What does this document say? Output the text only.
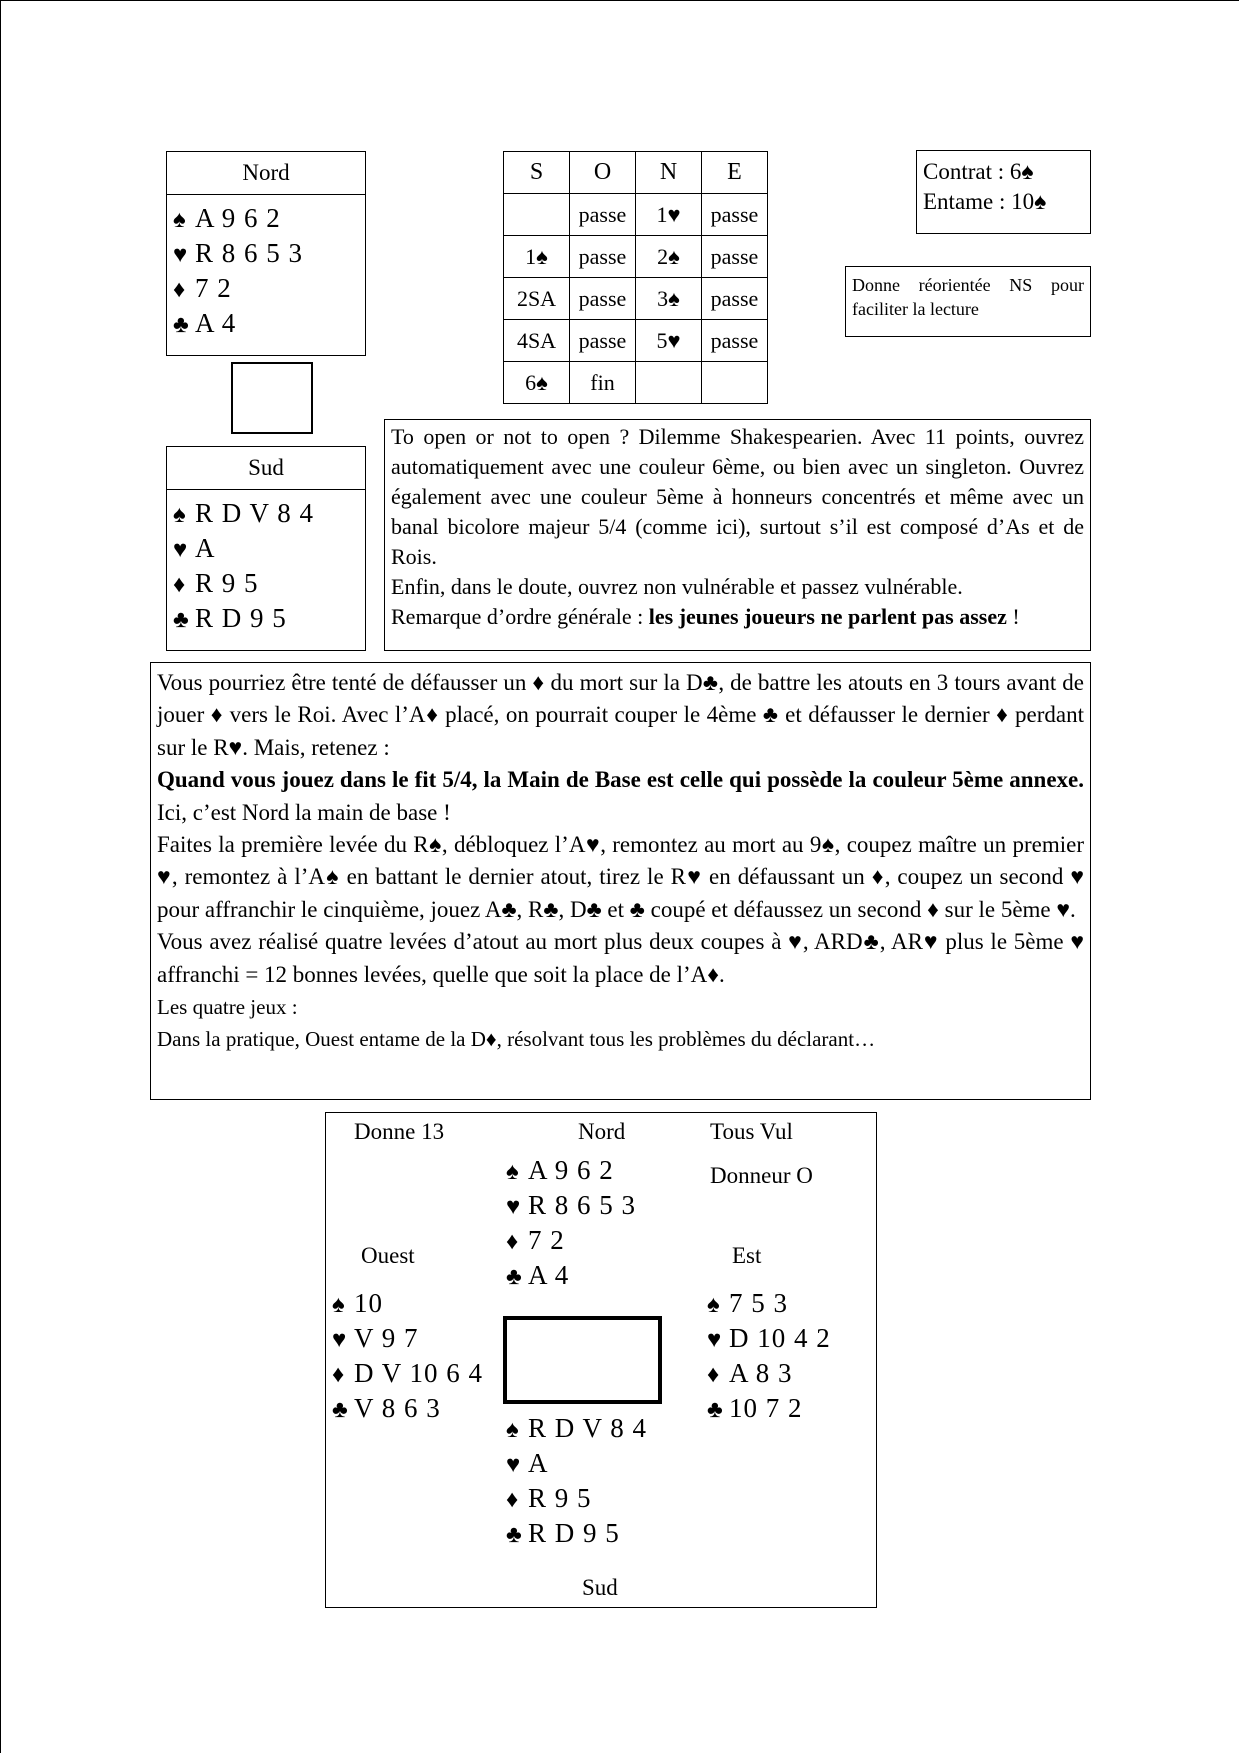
Nord
♠ A 9 6 2
♥ R 8 6 5 3
♦ 7 2
♣ A 4
Sud
♠ R D V 8 4
♥ A
♦ R 9 5
♣ R D 9 5
S	O	N	E
	passe	1♥	passe
1♠	passe	2♠	passe
2SA	passe	3♠	passe
4SA	passe	5♥	passe
6♠	fin		
Contrat : 6♠
Entame : 10♠
Donne réorientée NS pour faciliter la lecture

To open or not to open ? Dilemme Shakespearien. Avec 11 points, ouvrez automatiquement avec une couleur 6ème, ou bien avec un singleton. Ouvrez également avec une couleur 5ème à honneurs concentrés et même avec un banal bicolore majeur 5/4 (comme ici), surtout s’il est composé d’As et de Rois.

Enfin, dans le doute, ouvrez non vulnérable et passez vulnérable.

Remarque d’ordre générale : les jeunes joueurs ne parlent pas assez !

Vous pourriez être tenté de défausser un ♦ du mort sur la D♣, de battre les atouts en 3 tours avant de jouer ♦ vers le Roi. Avec l’A♦ placé, on pourrait couper le 4ème ♣ et défausser le dernier ♦ perdant sur le R♥. Mais, retenez :

Quand vous jouez dans le fit 5/4, la Main de Base est celle qui possède la couleur 5ème annexe. Ici, c’est Nord la main de base !

Faites la première levée du R♠, débloquez l’A♥, remontez au mort au 9♠, coupez maître un premier ♥, remontez à l’A♠ en battant le dernier atout, tirez le R♥ en défaussant un ♦, coupez un second ♥ pour affranchir le cinquième, jouez A♣, R♣, D♣ et ♣ coupé et défaussez un second ♦ sur le 5ème ♥.

Vous avez réalisé quatre levées d’atout au mort plus deux coupes à ♥, ARD♣, AR♥ plus le 5ème ♥ affranchi = 12 bonnes levées, quelle que soit la place de l’A♦.

Les quatre jeux :

Dans la pratique, Ouest entame de la D♦, résolvant tous les problèmes du déclarant…

Donne 13	Nord	Tous Vul
Donneur O
Ouest	Est
Sud
♠ A 9 6 2
♥ R 8 6 5 3
♦ 7 2
♣ A 4
♠ 10
♥ V 9 7
♦ D V 10 6 4
♣ V 8 6 3
♠ 7 5 3
♥ D 10 4 2
♦ A 8 3
♣ 10 7 2
♠ R D V 8 4
♥ A
♦ R 9 5
♣ R D 9 5
